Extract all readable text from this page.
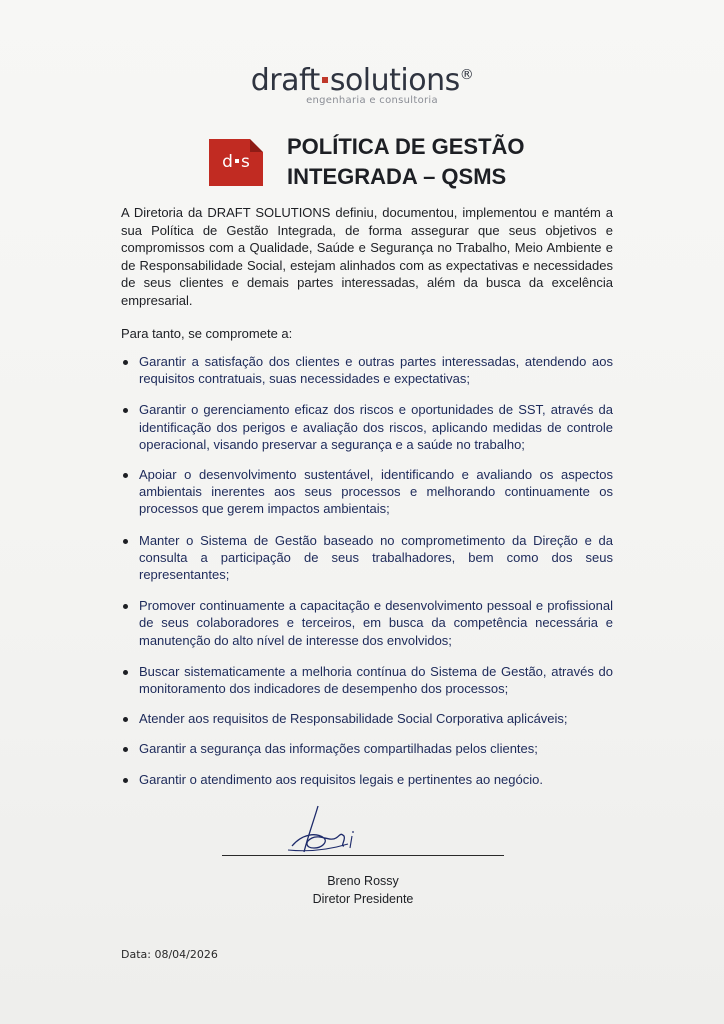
draft solutions®
engenharia e consultoria
d s
POLÍTICA DE GESTÃO
INTEGRADA – QSMS
A Diretoria da DRAFT SOLUTIONS definiu, documentou, implementou e mantém a sua Política de Gestão Integrada, de forma assegurar que seus objetivos e compromissos com a Qualidade, Saúde e Segurança no Trabalho, Meio Ambiente e de Responsabilidade Social, estejam alinhados com as expectativas e necessidades de seus clientes e demais partes interessadas, além da busca da excelência empresarial.
Para tanto, se compromete a:
Garantir a satisfação dos clientes e outras partes interessadas, atendendo aos requisitos contratuais, suas necessidades e expectativas;
Garantir o gerenciamento eficaz dos riscos e oportunidades de SST, através da identificação dos perigos e avaliação dos riscos, aplicando medidas de controle operacional, visando preservar a segurança e a saúde no trabalho;
Apoiar o desenvolvimento sustentável, identificando e avaliando os aspectos ambientais inerentes aos seus processos e melhorando continuamente os processos que gerem impactos ambientais;
Manter o Sistema de Gestão baseado no comprometimento da Direção e da consulta a participação de seus trabalhadores, bem como dos seus representantes;
Promover continuamente a capacitação e desenvolvimento pessoal e profissional de seus colaboradores e terceiros, em busca da competência necessária e manutenção do alto nível de interesse dos envolvidos;
Buscar sistematicamente a melhoria contínua do Sistema de Gestão, através do monitoramento dos indicadores de desempenho dos processos;
Atender aos requisitos de Responsabilidade Social Corporativa aplicáveis;
Garantir a segurança das informações compartilhadas pelos clientes;
Garantir o atendimento aos requisitos legais e pertinentes ao negócio.
Breno Rossy
Diretor Presidente
Data: 08/04/2026
